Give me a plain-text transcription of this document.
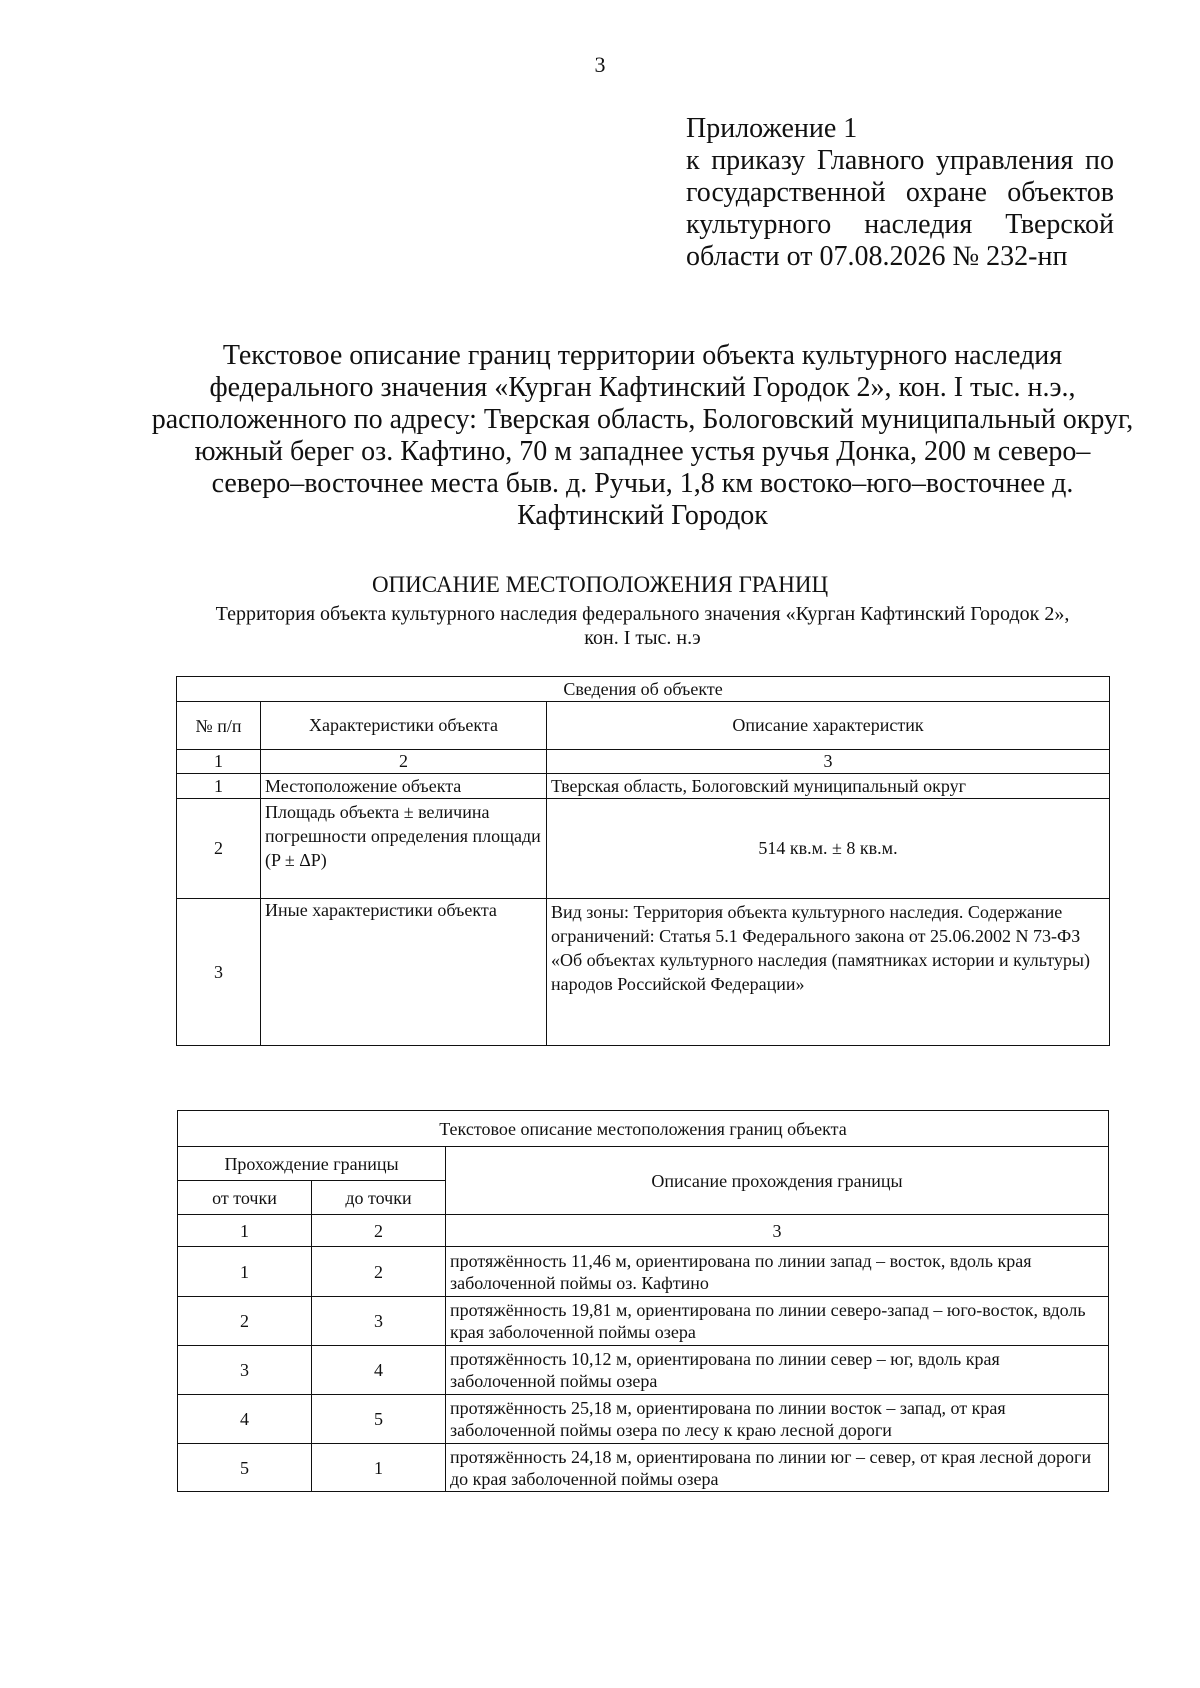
3
Приложение 1
к приказу Главного управления по государственной охране объектов культурного наследия Тверской области от 07.08.2026 № 232-нп
Текстовое описание границ территории объекта культурного наследия федерального значения «Курган Кафтинский Городок 2», кон. I тыс. н.э., расположенного по адресу: Тверская область, Бологовский муниципальный округ, южный берег оз. Кафтино, 70 м западнее устья ручья Донка, 200 м северо–северо–восточнее места быв. д. Ручьи, 1,8 км востоко–юго–восточнее д. Кафтинский Городок
ОПИСАНИЕ МЕСТОПОЛОЖЕНИЯ ГРАНИЦ
Территория объекта культурного наследия федерального значения «Курган Кафтинский Городок 2»,
кон. I тыс. н.э
Сведения об объекте		
№ п/п	Характеристики объекта	Описание характеристик
1	2	3
1	Местоположение объекта	Тверская область, Бологовский муниципальный округ
2	Площадь объекта ± величина погрешности определения площади (P ± ΔP)	514 кв.м. ± 8 кв.м.
3	Иные характеристики объекта	Вид зоны: Территория объекта культурного наследия. Содержание ограничений: Статья 5.1 Федерального закона от 25.06.2002 N 73-ФЗ «Об объектах культурного наследия (памятниках истории и культуры) народов Российской Федерации»
Текстовое описание местоположения границ объекта		
Прохождение границы		Описание прохождения границы
от точки	до точки	
1	2	3
1	2	протяжённость 11,46 м, ориентирована по линии запад – восток, вдоль края заболоченной поймы оз. Кафтино
2	3	протяжённость 19,81 м, ориентирована по линии северо-запад – юго-восток, вдоль края заболоченной поймы озера
3	4	протяжённость 10,12 м, ориентирована по линии север – юг, вдоль края заболоченной поймы озера
4	5	протяжённость 25,18 м, ориентирована по линии восток – запад, от края заболоченной поймы озера по лесу к краю лесной дороги
5	1	протяжённость 24,18 м, ориентирована по линии юг – север, от края лесной дороги до края заболоченной поймы озера
